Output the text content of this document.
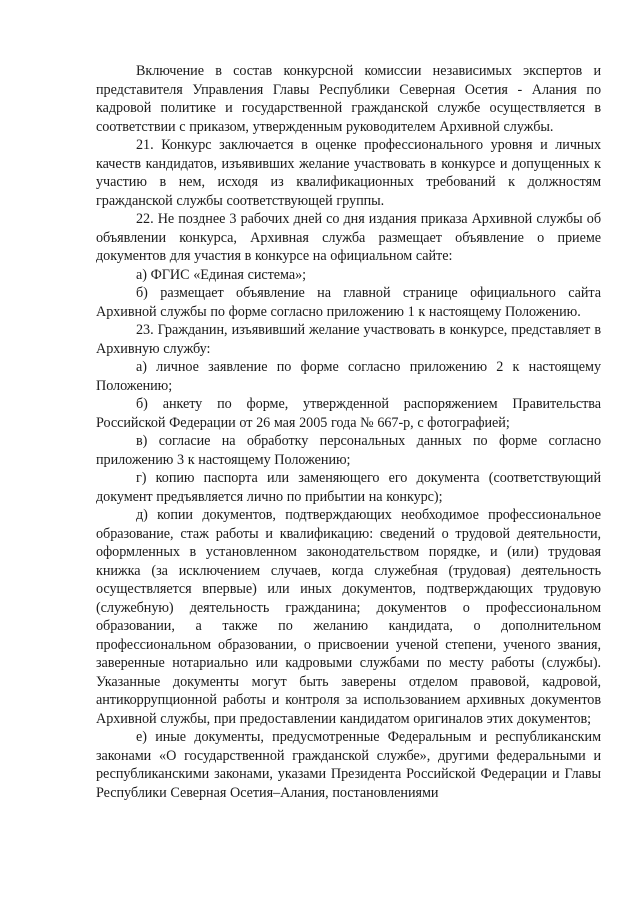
Включение в состав конкурсной комиссии независимых экспертов и представителя Управления Главы Республики Северная Осетия - Алания по кадровой политике и государственной гражданской службе осуществляется в соответствии с приказом, утвержденным руководителем Архивной службы.

21. Конкурс заключается в оценке профессионального уровня и личных качеств кандидатов, изъявивших желание участвовать в конкурсе и допущенных к участию в нем, исходя из квалификационных требований к должностям гражданской службы соответствующей группы.

22. Не позднее 3 рабочих дней со дня издания приказа Архивной службы об объявлении конкурса, Архивная служба размещает объявление о приеме документов для участия в конкурсе на официальном сайте:

а) ФГИС «Единая система»;

б) размещает объявление на главной странице официального сайта Архивной службы по форме согласно приложению 1 к настоящему Положению.

23. Гражданин, изъявивший желание участвовать в конкурсе, представляет в Архивную службу:

а) личное заявление по форме согласно приложению 2 к настоящему Положению;

б) анкету по форме, утвержденной распоряжением Правительства Российской Федерации от 26 мая 2005 года № 667-р, с фотографией;

в) согласие на обработку персональных данных по форме согласно приложению 3 к настоящему Положению;

г) копию паспорта или заменяющего его документа (соответствующий документ предъявляется лично по прибытии на конкурс);

д) копии документов, подтверждающих необходимое профессиональное образование, стаж работы и квалификацию: сведений о трудовой деятельности, оформленных в установленном законодательством порядке, и (или) трудовая книжка (за исключением случаев, когда служебная (трудовая) деятельность осуществляется впервые) или иных документов, подтверждающих трудовую (служебную) деятельность гражданина; документов о профессиональном образовании, а также по желанию кандидата, о дополнительном профессиональном образовании, о присвоении ученой степени, ученого звания, заверенные нотариально или кадровыми службами по месту работы (службы). Указанные документы могут быть заверены отделом правовой, кадровой, антикоррупционной работы и контроля за использованием архивных документов Архивной службы, при предоставлении кандидатом оригиналов этих документов;

е) иные документы, предусмотренные Федеральным и республиканским законами «О государственной гражданской службе», другими федеральными и республиканскими законами, указами Президента Российской Федерации и Главы Республики Северная Осетия–Алания, постановлениями
